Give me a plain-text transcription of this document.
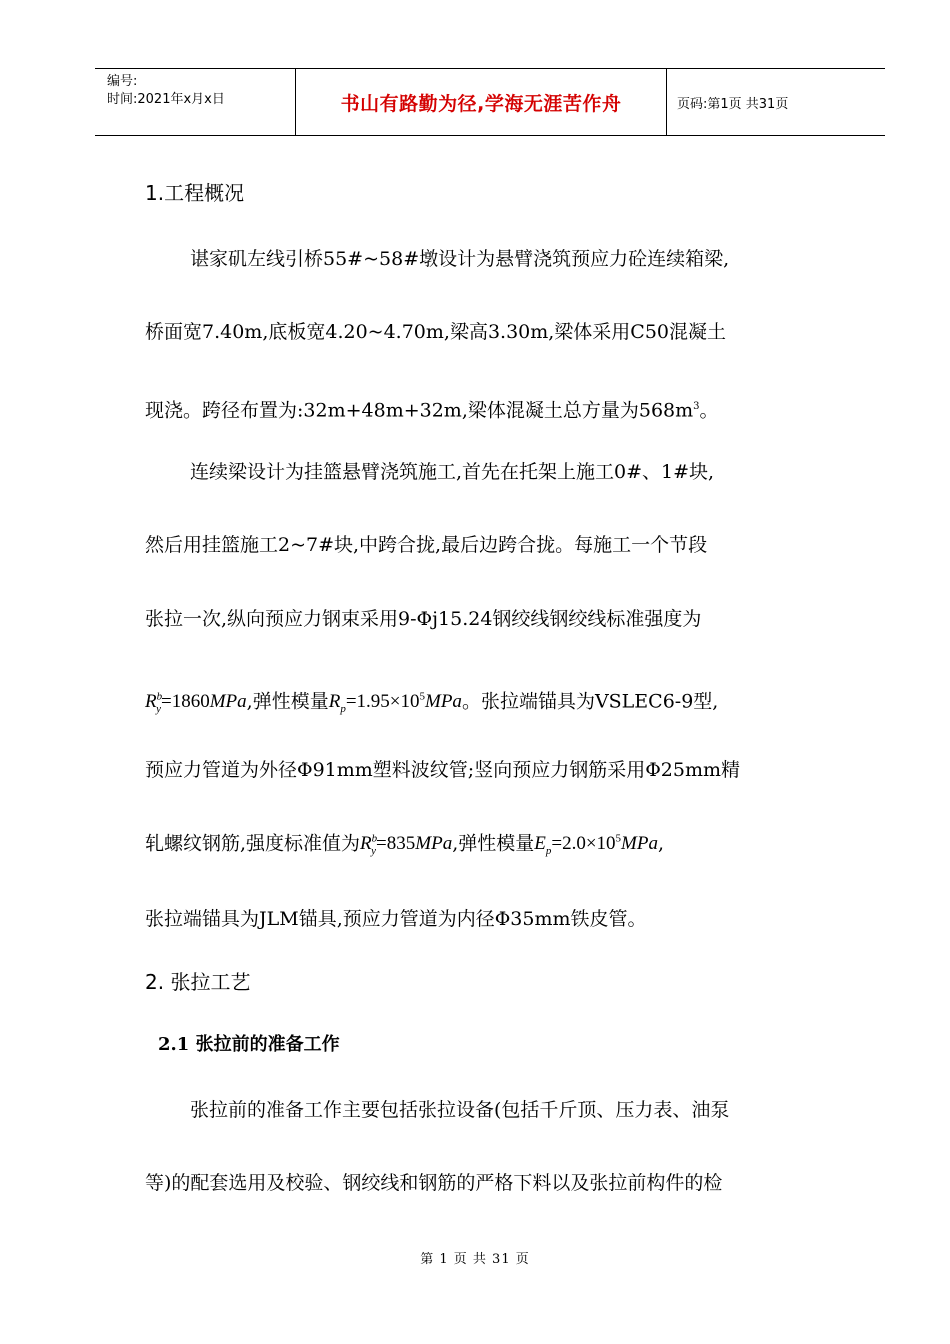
编号:
时间:2021年x月x日	书山有路勤为径,学海无涯苦作舟	页码:第1页 共31页
1.工程概况
谌家矶左线引桥55#~58#墩设计为悬臂浇筑预应力砼连续箱梁,
桥面宽7.40m,底板宽4.20~4.70m,梁高3.30m,梁体采用C50混凝土
现浇。跨径布置为:32m+48m+32m,梁体混凝土总方量为$568m^3$。
连续梁设计为挂篮悬臂浇筑施工,首先在托架上施工0#、1#块,
然后用挂篮施工2~7#块,中跨合拢,最后边跨合拢。每施工一个节段
张拉一次,纵向预应力钢束采用9-Φj15.24钢绞线钢绞线标准强度为
$R^b_y=1860MPa$,弹性模量$R_p=1.95\times 10^5MPa$。张拉端锚具为VSLEC6-9型,
预应力管道为外径Φ91mm塑料波纹管;竖向预应力钢筋采用Φ25mm精
轧螺纹钢筋,强度标准值为$R^b_y=835MPa$,弹性模量$E_p=2.0\times 10^5MPa$,
张拉端锚具为JLM锚具,预应力管道为内径Φ35mm铁皮管。
2. 张拉工艺
2.1 张拉前的准备工作
张拉前的准备工作主要包括张拉设备(包括千斤顶、压力表、油泵
等)的配套选用及校验、钢绞线和钢筋的严格下料以及张拉前构件的检
第 1 页 共 31 页
